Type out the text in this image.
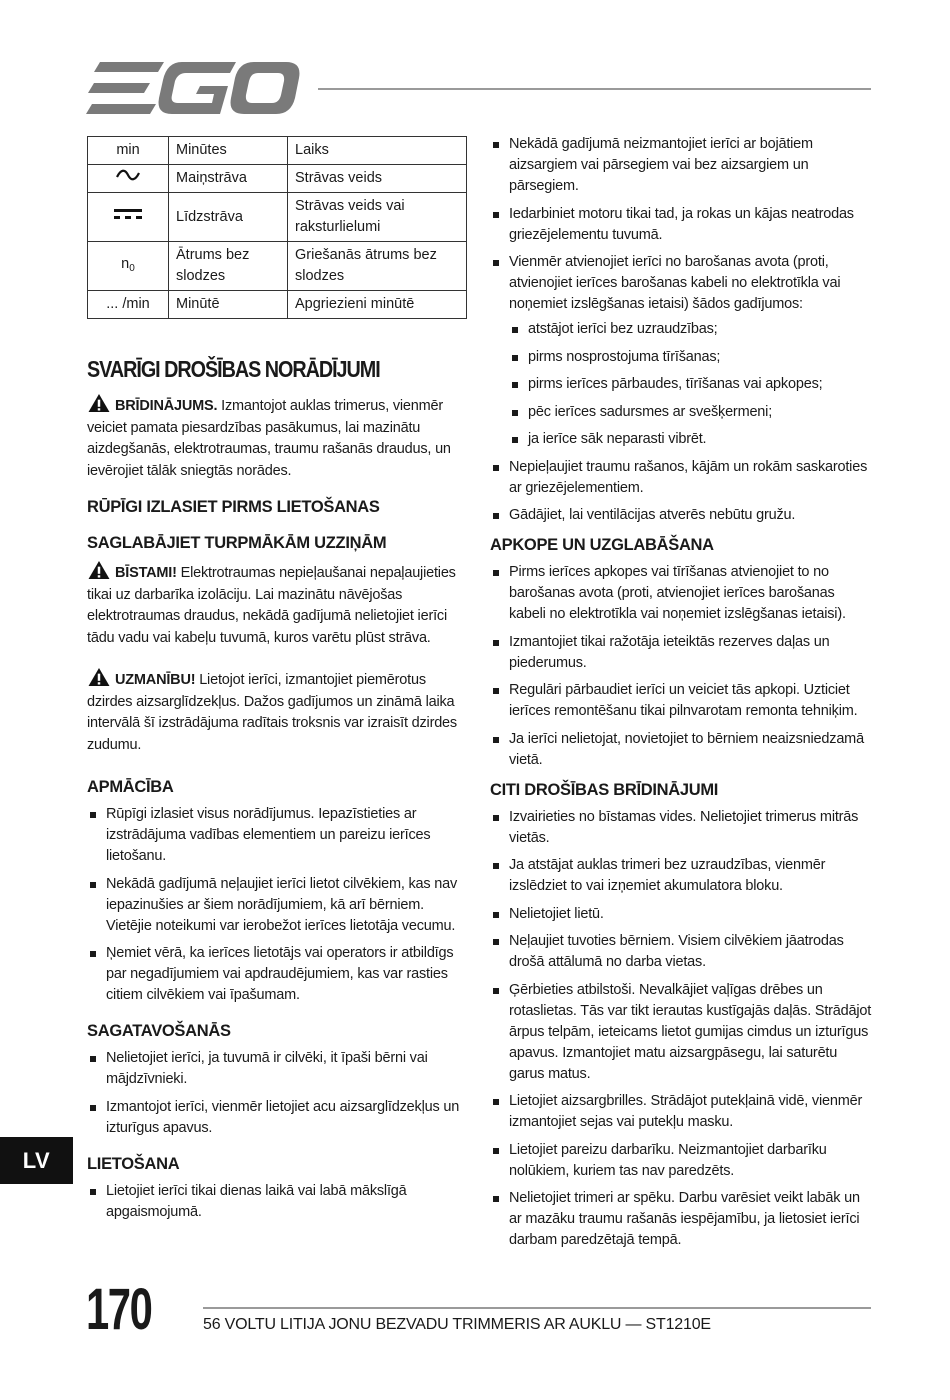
min	Minūtes	Laiks
	Maiņstrāva	Strāvas veids
	Līdzstrāva	Strāvas veids vai raksturlielumi
$n_0$	Ātrums bez slodzes	Griešanās ātrums bez slodzes
... /min	Minūtē	Apgriezieni minūtē
SVARĪGI DROŠĪBAS NORĀDĪJUMI

BRĪDINĀJUMS. Izmantojot auklas trimerus, vienmēr veiciet pamata piesardzības pasākumus, lai mazinātu aizdegšanās, elektrotraumas, traumu rašanās draudus, un ievērojiet tālāk sniegtās norādes.

RŪPĪGI IZLASIET PIRMS LIETOŠANAS
SAGLABĀJIET TURPMĀKĀM UZZIŅĀM

BĪSTAMI! Elektrotraumas nepieļaušanai nepaļaujieties tikai uz darbarīka izolāciju. Lai mazinātu nāvējošas elektrotraumas draudus, nekādā gadījumā nelietojiet ierīci tādu vadu vai kabeļu tuvumā, kuros varētu plūst strāva.

UZMANĪBU! Lietojot ierīci, izmantojiet piemērotus dzirdes aizsarglīdzekļus. Dažos gadījumos un zināmā laika intervālā šī izstrādājuma radītais troksnis var izraisīt dzirdes zudumu.

APMĀCĪBA
Rūpīgi izlasiet visus norādījumus. Iepazīstieties ar izstrādājuma vadības elementiem un pareizu ierīces lietošanu.
Nekādā gadījumā neļaujiet ierīci lietot cilvēkiem, kas nav iepazinušies ar šiem norādījumiem, kā arī bērniem. Vietējie noteikumi var ierobežot ierīces lietotāja vecumu.
Ņemiet vērā, ka ierīces lietotājs vai operators ir atbildīgs par negadījumiem vai apdraudējumiem, kas var rasties citiem cilvēkiem vai īpašumam.
SAGATAVOŠANĀS
Nelietojiet ierīci, ja tuvumā ir cilvēki, it īpaši bērni vai mājdzīvnieki.
Izmantojot ierīci, vienmēr lietojiet acu aizsarglīdzekļus un izturīgus apavus.
LIETOŠANA
Lietojiet ierīci tikai dienas laikā vai labā mākslīgā apgaismojumā.
Nekādā gadījumā neizmantojiet ierīci ar bojātiem aizsargiem vai pārsegiem vai bez aizsargiem un pārsegiem.
Iedarbiniet motoru tikai tad, ja rokas un kājas neatrodas griezējelementu tuvumā.
Vienmēr atvienojiet ierīci no barošanas avota (proti, atvienojiet ierīces barošanas kabeli no elektrotīkla vai noņemiet izslēgšanas ietaisi) šādos gadījumos:
atstājot ierīci bez uzraudzības;
pirms nosprostojuma tīrīšanas;
pirms ierīces pārbaudes, tīrīšanas vai apkopes;
pēc ierīces sadursmes ar svešķermeni;
ja ierīce sāk neparasti vibrēt.
Nepieļaujiet traumu rašanos, kājām un rokām saskaroties ar griezējelementiem.
Gādājiet, lai ventilācijas atverēs nebūtu gružu.
APKOPE UN UZGLABĀŠANA
Pirms ierīces apkopes vai tīrīšanas atvienojiet to no barošanas avota (proti, atvienojiet ierīces barošanas kabeli no elektrotīkla vai noņemiet izslēgšanas ietaisi).
Izmantojiet tikai ražotāja ieteiktās rezerves daļas un piederumus.
Regulāri pārbaudiet ierīci un veiciet tās apkopi. Uzticiet ierīces remontēšanu tikai pilnvarotam remonta tehniķim.
Ja ierīci nelietojat, novietojiet to bērniem neaizsniedzamā vietā.
CITI DROŠĪBAS BRĪDINĀJUMI
Izvairieties no bīstamas vides. Nelietojiet trimerus mitrās vietās.
Ja atstājat auklas trimeri bez uzraudzības, vienmēr izslēdziet to vai izņemiet akumulatora bloku.
Nelietojiet lietū.
Neļaujiet tuvoties bērniem. Visiem cilvēkiem jāatrodas drošā attālumā no darba vietas.
Ģērbieties atbilstoši. Nevalkājiet vaļīgas drēbes un rotaslietas. Tās var tikt ierautas kustīgajās daļās. Strādājot ārpus telpām, ieteicams lietot gumijas cimdus un izturīgus apavus. Izmantojiet matu aizsargpāsegu, lai saturētu garus matus.
Lietojiet aizsargbrilles. Strādājot putekļainā vidē, vienmēr izmantojiet sejas vai putekļu masku.
Lietojiet pareizu darbarīku. Neizmantojiet darbarīku nolūkiem, kuriem tas nav paredzēts.
Nelietojiet trimeri ar spēku. Darbu varēsiet veikt labāk un ar mazāku traumu rašanās iespējamību, ja lietosiet ierīci darbam paredzētajā tempā.
LV
170	56 VOLTU LITIJA JONU BEZVADU TRIMMERIS AR AUKLU — ST1210E
